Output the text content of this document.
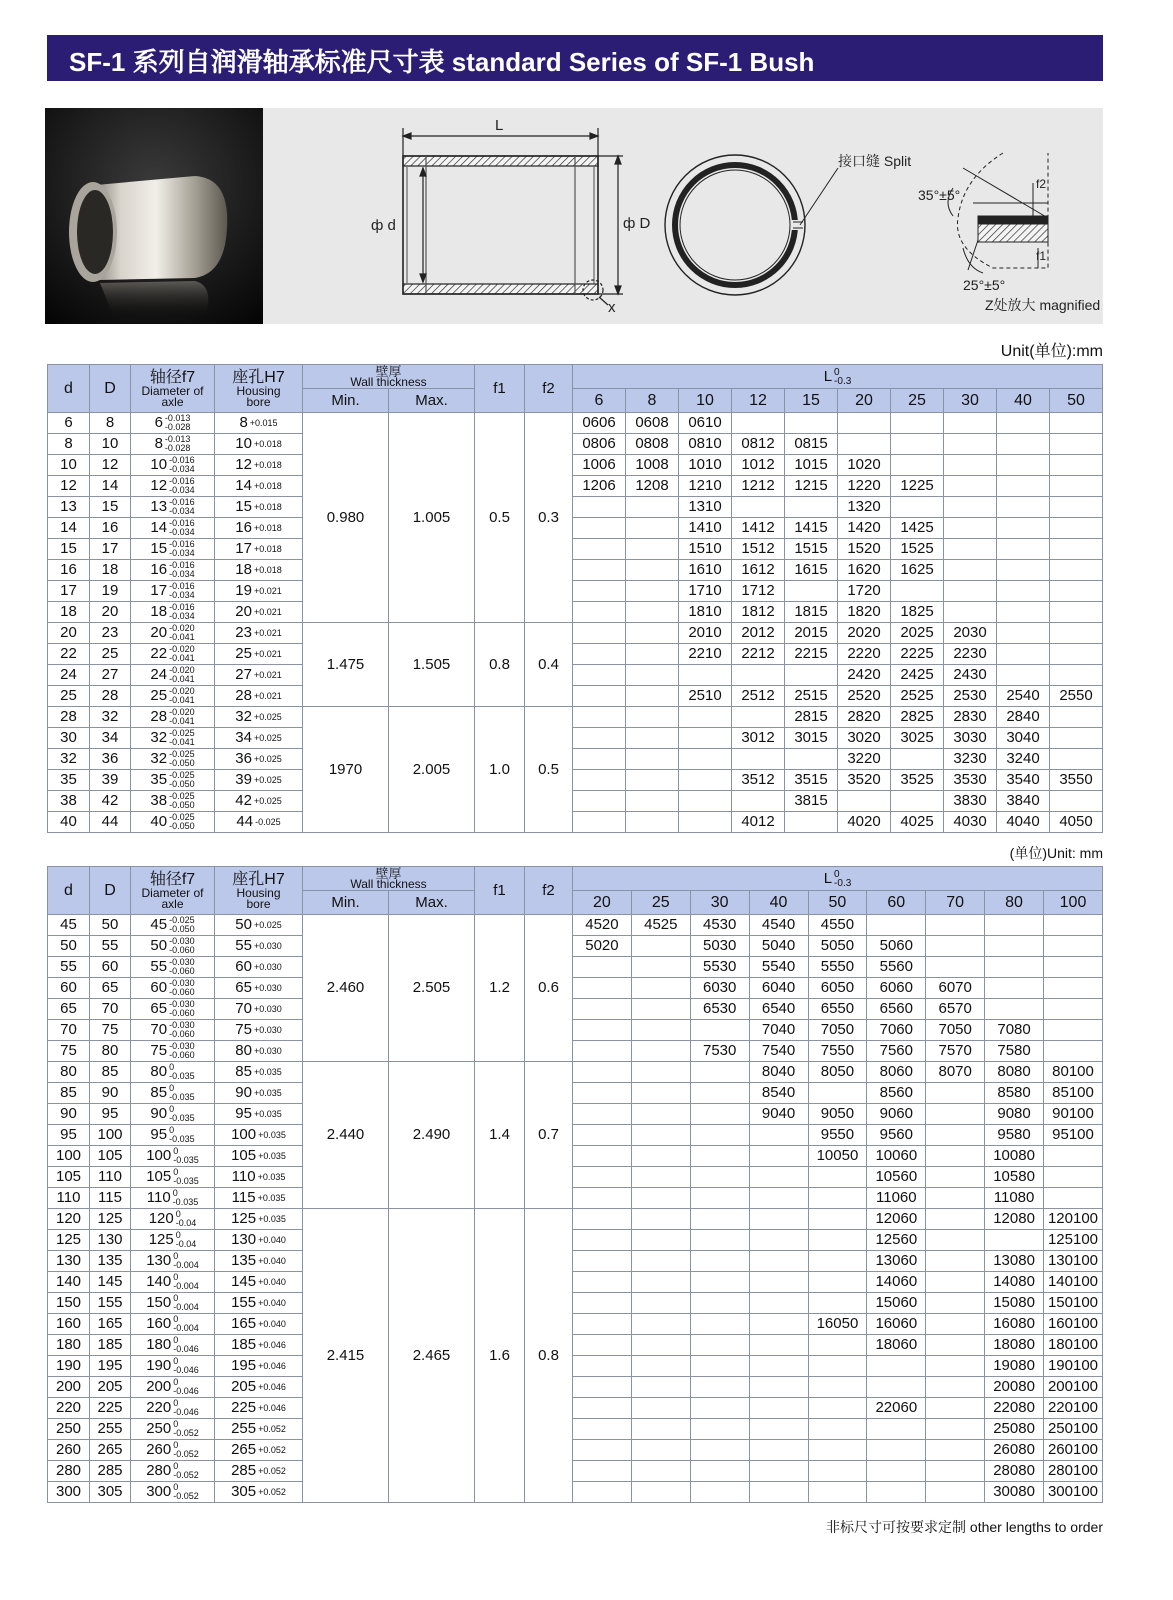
SF-1 系列自润滑轴承标准尺寸表 standard Series of SF-1 Bush
L
ф d	ф D
x
接口缝 Split
35°±5°
25°±5°
f2
f1
Z处放大 magnified
Unit(单位):mm
d	D	轴径f7
Diameter of
axle	座孔H7
Housing
bore	壁厚
Wall thickness		f1	f2	L 0
-0.3									
				Min.	Max.			6	8	10	12	15	20	25	30	40	50
6	8	6 -0.013
-0.028	8 $^{+0.015}$	0.980	1.005	0.5	0.3	0606	0608	0610							
8	10	8 -0.013
-0.028	10 $^{+0.018}$					0806	0808	0810	0812	0815					
10	12	10 -0.016
-0.034	12 $^{+0.018}$					1006	1008	1010	1012	1015	1020				
12	14	12 -0.016
-0.034	14 $^{+0.018}$					1206	1208	1210	1212	1215	1220	1225			
13	15	13 -0.016
-0.034	15 $^{+0.018}$							1310			1320				
14	16	14 -0.016
-0.034	16 $^{+0.018}$							1410	1412	1415	1420	1425			
15	17	15 -0.016
-0.034	17 $^{+0.018}$							1510	1512	1515	1520	1525			
16	18	16 -0.016
-0.034	18 $^{+0.018}$							1610	1612	1615	1620	1625			
17	19	17 -0.016
-0.034	19 $^{+0.021}$							1710	1712		1720				
18	20	18 -0.016
-0.034	20 $^{+0.021}$							1810	1812	1815	1820	1825			
20	23	20 -0.020
-0.041	23 $^{+0.021}$	1.475	1.505	0.8	0.4			2010	2012	2015	2020	2025	2030		
22	25	22 -0.020
-0.041	25 $^{+0.021}$							2210	2212	2215	2220	2225	2230		
24	27	24 -0.020
-0.041	27 $^{+0.021}$										2420	2425	2430		
25	28	25 -0.020
-0.041	28 $^{+0.021}$							2510	2512	2515	2520	2525	2530	2540	2550
28	32	28 -0.020
-0.041	32 $^{+0.025}$	1970	2.005	1.0	0.5					2815	2820	2825	2830	2840	
30	34	32 -0.025
-0.041	34 $^{+0.025}$								3012	3015	3020	3025	3030	3040	
32	36	32 -0.025
-0.050	36 $^{+0.025}$										3220		3230	3240	
35	39	35 -0.025
-0.050	39 $^{+0.025}$								3512	3515	3520	3525	3530	3540	3550
38	42	38 -0.025
-0.050	42 $^{+0.025}$									3815			3830	3840	
40	44	40 -0.025
-0.050	44 $^{-0.025}$								4012		4020	4025	4030	4040	4050
(单位)Unit: mm
d	D	轴径f7
Diameter of
axle	座孔H7
Housing
bore	壁厚
Wall thickness		f1	f2	L 0
-0.3								
				Min.	Max.			20	25	30	40	50	60	70	80	100
45	50	45 -0.025
-0.050	50 $^{+0.025}$	2.460	2.505	1.2	0.6	4520	4525	4530	4540	4550				
50	55	50 -0.030
-0.060	55 $^{+0.030}$					5020		5030	5040	5050	5060			
55	60	55 -0.030
-0.060	60 $^{+0.030}$							5530	5540	5550	5560			
60	65	60 -0.030
-0.060	65 $^{+0.030}$							6030	6040	6050	6060	6070		
65	70	65 -0.030
-0.060	70 $^{+0.030}$							6530	6540	6550	6560	6570		
70	75	70 -0.030
-0.060	75 $^{+0.030}$								7040	7050	7060	7050	7080	
75	80	75 -0.030
-0.060	80 $^{+0.030}$							7530	7540	7550	7560	7570	7580	
80	85	80 0
-0.035	85 $^{+0.035}$	2.440	2.490	1.4	0.7				8040	8050	8060	8070	8080	80100
85	90	85 0
-0.035	90 $^{+0.035}$								8540		8560		8580	85100
90	95	90 0
-0.035	95 $^{+0.035}$								9040	9050	9060		9080	90100
95	100	95 0
-0.035	100 $^{+0.035}$									9550	9560		9580	95100
100	105	100 0
-0.035	105 $^{+0.035}$									10050	10060		10080	
105	110	105 0
-0.035	110 $^{+0.035}$										10560		10580	
110	115	110 0
-0.035	115 $^{+0.035}$										11060		11080	
120	125	120 0
-0.04	125 $^{+0.035}$	2.415	2.465	1.6	0.8						12060		12080	120100
125	130	125 0
-0.04	130 $^{+0.040}$										12560			125100
130	135	130 0
-0.004	135 $^{+0.040}$										13060		13080	130100
140	145	140 0
-0.004	145 $^{+0.040}$										14060		14080	140100
150	155	150 0
-0.004	155 $^{+0.040}$										15060		15080	150100
160	165	160 0
-0.004	165 $^{+0.040}$									16050	16060		16080	160100
180	185	180 0
-0.046	185 $^{+0.046}$										18060		18080	180100
190	195	190 0
-0.046	195 $^{+0.046}$												19080	190100
200	205	200 0
-0.046	205 $^{+0.046}$												20080	200100
220	225	220 0
-0.046	225 $^{+0.046}$										22060		22080	220100
250	255	250 0
-0.052	255 $^{+0.052}$												25080	250100
260	265	260 0
-0.052	265 $^{+0.052}$												26080	260100
280	285	280 0
-0.052	285 $^{+0.052}$												28080	280100
300	305	300 0
-0.052	305 $^{+0.052}$												30080	300100
非标尺寸可按要求定制 other lengths to order
